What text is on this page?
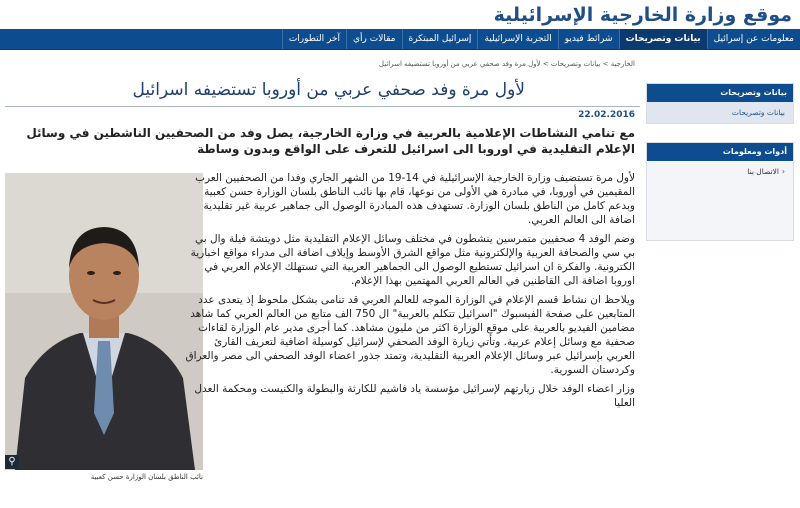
موقع وزارة الخارجية الإسرائيلية
معلومات عن إسرائيل
بيانات وتصريحات
شرائط فيديو
التجربة الإسرائيلية
إسرائيل المبتكرة
مقالات رأي
آخر التطورات
الخارجية > بيانات وتصريحات > لأول مرة وفد صحفي عربي من أوروبا تستضيفه اسرائيل
لأول مرة وفد صحفي عربي من أوروبا تستضيفه اسرائيل
22.02.2016
مع تنامي النشاطات الإعلامية بالعربية في وزارة الخارجية، يصل وفد من الصحفيين الناشطين في وسائل الإعلام التقليدية في اوروبا الى اسرائيل للتعرف على الواقع وبدون وساطة
⚲
نائب الناطق بلسان الوزارة حسن كعبية

لأول مرة تستضيف وزارة الخارجية الإسرائيلية في 14-19 من الشهر الجاري وفدا من الصحفيين العرب المقيمين في أوروبا، في مبادرة هي الأولى من نوعها، قام بها نائب الناطق بلسان الوزارة حسن كعبية وبدعم كامل من الناطق بلسان الوزارة. تستهدف هذه المبادرة الوصول الى جماهير عربية غير تقليدية اضافة الى العالم العربي.

وضم الوفد 4 صحفيين متمرسين ينشطون في مختلف وسائل الإعلام التقليدية مثل دويتشة فيلة وال بي بي سي والصحافة العربية والإلكترونية مثل مواقع الشرق الأوسط وإيلاف اضافة الى مدراء مواقع اخبارية الكترونية. والفكرة ان اسرائيل تستطيع الوصول الى الجماهير العربية التي تستهلك الإعلام العربي في اوروبا اضافة الى القاطنين في العالم العربي المهتمين بهذا الإعلام.

ويلاحظ ان نشاط قسم الإعلام في الوزارة الموجه للعالم العربي قد تنامى بشكل ملحوظ إذ يتعدى عدد المتابعين على صفحة الفيسبوك "اسرائيل تتكلم بالعربية" ال 750 الف متابع من العالم العربي كما شاهد مضامين الفيديو بالعربية على موقع الوزارة اكثر من مليون مشاهد. كما أجرى مدير عام الوزارة لقاءات صحفية مع وسائل إعلام عربية. وتأتي زيارة الوفد الصحفي لإسرائيل كوسيلة اضافية لتعريف القارئ العربي بإسرائيل عبر وسائل الإعلام العربية التقليدية، وتمتد جذور اعضاء الوفد الصحفي الى مصر والعراق وكردستان السورية.

وزار اعضاء الوفد خلال زيارتهم لإسرائيل مؤسسة ياد فاشيم للكارثة والبطولة والكنيست ومحكمة العدل العليا

بيانات وتصريحات
بيانات وتصريحات
أدوات ومعلومات
‹الاتصال بنا
